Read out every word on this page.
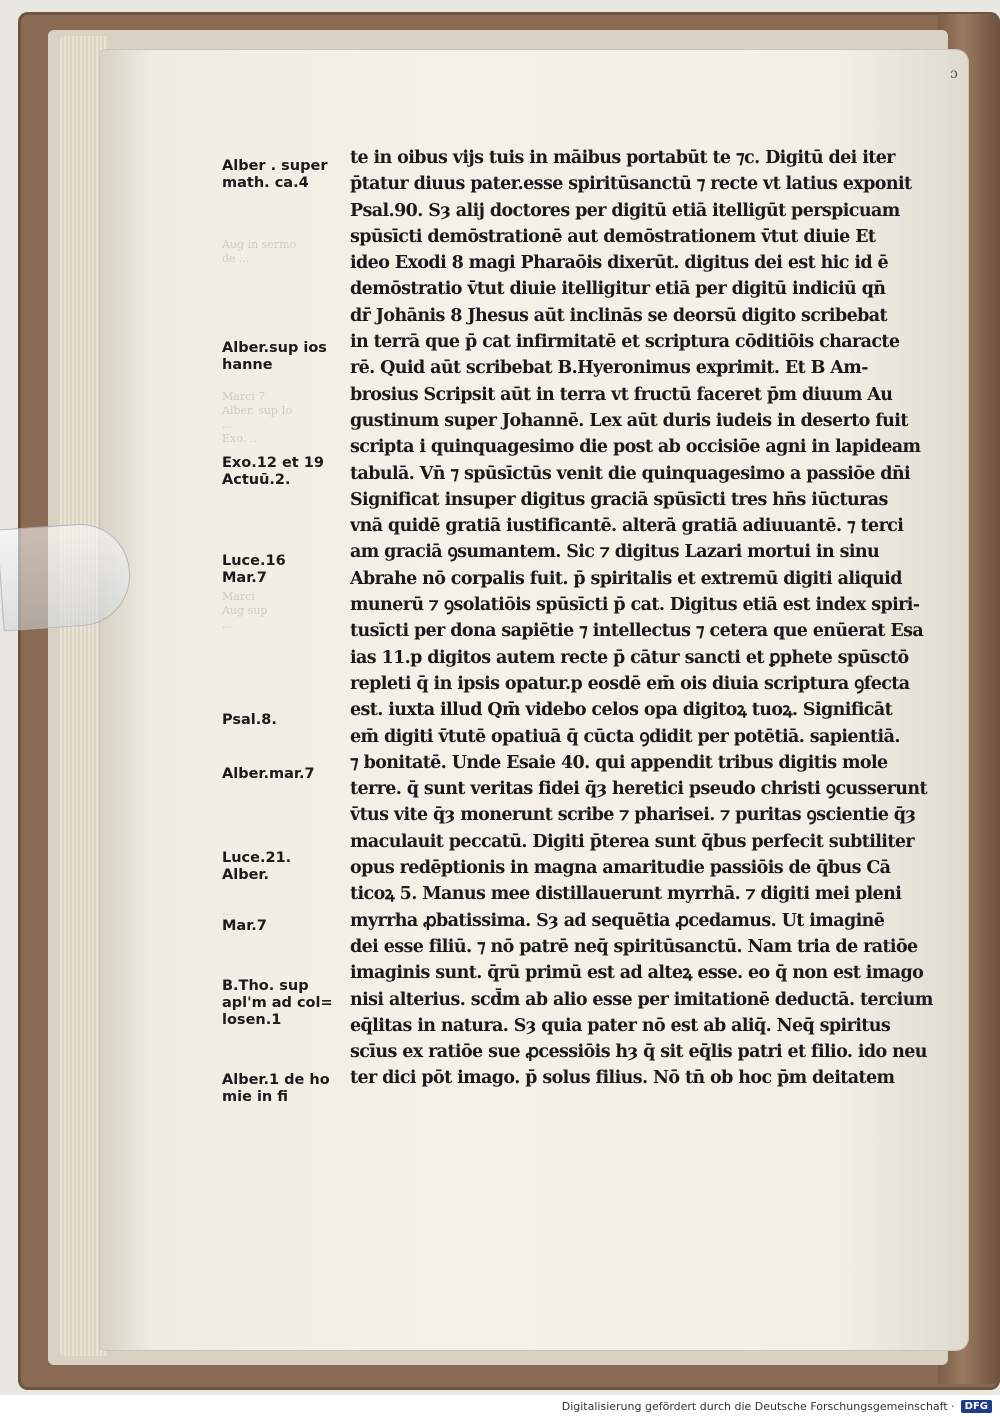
ɔ
Aug in sermo
de ...
Marci 7
Alber. sup Io
...
Exo. ..
Marci
Aug sup
...
...
Alber . super
math. ca.4
Alber.sup ios
hanne
Exo.12 et 19
Actuū.2.
Luce.16
Mar.7
Psal.8.
Alber.mar.7
Luce.21.
Alber.
Mar.7
B.Tho. sup
apl'm ad col=
losen.1
Alber.1 de ho
mie in fi
te in oibus vijs tuis in māibus portabūt te ⁊c. Digitū dei iter
p̄tatur diuus pater.esse spiritūsanctū ⁊ recte vt latius exponit
Psal.90. Sȝ alij doctores per digitū etiā itelligūt perspicuam
spūsīcti demōstrationē aut demōstrationem v̄tut diuie Et
ideo Exodi 8 magi Pharaōis dixerūt. digitus dei est hic id ē
demōstratio v̄tut diuie itelligitur etiā per digitū indiciū qn̄
dr̄ Johānis 8 Jhesus aūt inclinās se deorsū digito scribebat
in terrā que p̄ cat infirmitatē et scriptura cōditiōis characte
rē. Quid aūt scribebat B.Hyeronimus exprimit. Et B Am-
brosius Scripsit aūt in terra vt fructū faceret p̄m diuum Au
gustinum super Johannē. Lex aūt duris iudeis in deserto fuit
scripta i quinquagesimo die post ab occisiōe agni in lapideam
tabulā. Vn̄ ⁊ spūsīctūs venit die quinquagesimo a passiōe dn̄i
Significat insuper digitus graciā spūsīcti tres hn̄s iūcturas
vnā quidē gratiā iustificantē. alterā gratiā adiuuantē. ⁊ terci
am graciā ꝯsumantem. Sic ⁊ digitus Lazari mortui in sinu
Abrahe nō corpalis fuit. p̄ spiritalis et extremū digiti aliquid
munerū ⁊ ꝯsolatiōis spūsīcti p̄ cat. Digitus etiā est index spiri-
tusīcti per dona sapiētie ⁊ intellectus ⁊ cetera que enūerat Esa
ias 11.p digitos autem recte p̄ cātur sancti et ꝑphete spūsctō
repleti q̄ in ipsis opatur.p eosdē em̄ ois diuia scriptura ꝯfecta
est. iuxta illud Qm̄ videbo celos opa digitoꝝ tuoꝝ. Significāt
em̄ digiti v̄tutē opatiuā q̄ cūcta ꝯdidit per potētiā. sapientiā.
⁊ bonitatē. Unde Esaie 40. qui appendit tribus digitis mole
terre. q̄ sunt veritas fidei q̄ȝ heretici pseudo christi ꝯcusserunt
v̄tus vite q̄ȝ monerunt scribe ⁊ pharisei. ⁊ puritas ꝯscientie q̄ȝ
maculauit peccatū. Digiti p̄terea sunt q̄bus perfecit subtiliter
opus redēptionis in magna amaritudie passiōis de q̄bus Cā
ticoꝝ 5. Manus mee distillauerunt myrrhā. ⁊ digiti mei pleni
myrrha ꝓbatissima. Sȝ ad sequētia ꝓcedamus. Ut imaginē
dei esse filiū. ⁊ nō patrē neq̄ spiritūsanctū. Nam tria de ratiōe
imaginis sunt. q̄rū primū est ad alteꝝ esse. eo q̄ non est imago
nisi alterius. scd̄m ab alio esse per imitationē deductā. tercium
eq̄litas in natura. Sȝ quia pater nō est ab aliq̄. Neq̄ spiritus
scīus ex ratiōe sue ꝓcessiōis hȝ q̄ sit eq̄lis patri et filio. ido neu
ter dici pōt imago. p̄ solus filius. Nō tn̄ ob hoc p̄m deitatem
Digitalisierung gefördert durch die Deutsche Forschungsgemeinschaft ·	DFG
